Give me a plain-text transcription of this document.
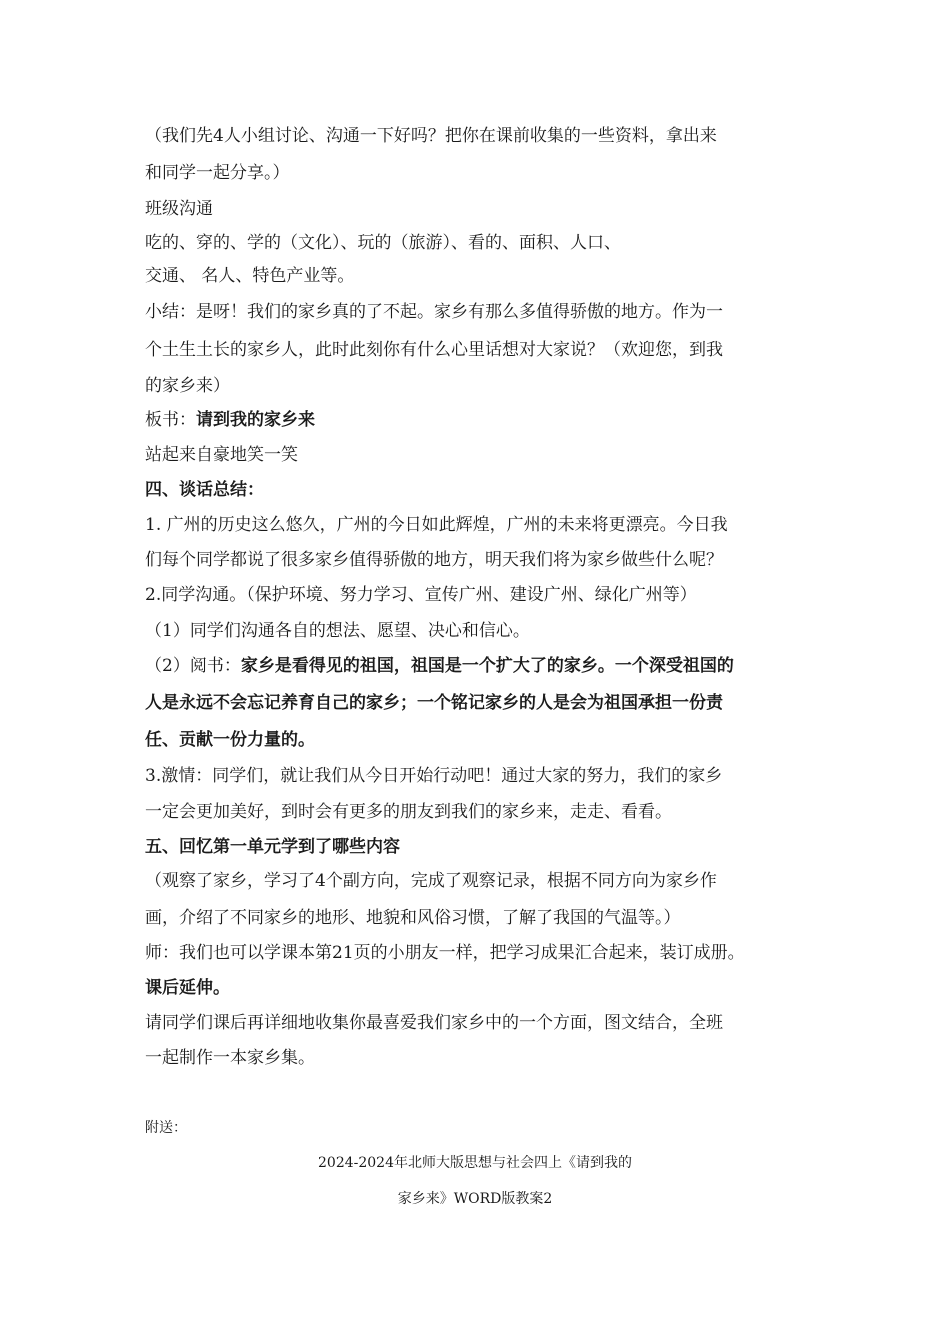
（我们先4人小组讨论、沟通一下好吗？把你在课前收集的一些资料，拿出来
和同学一起分享。）
班级沟通
吃的、穿的、学的（文化）、玩的（旅游）、看的、面积、人口、
交通、 名人、特色产业等。
小结：是呀！我们的家乡真的了不起。家乡有那么多值得骄傲的地方。作为一
个土生土长的家乡人，此时此刻你有什么心里话想对大家说？（欢迎您，到我
的家乡来）
板书：请到我的家乡来
站起来自豪地笑一笑
四、谈话总结：
1. 广州的历史这么悠久，广州的今日如此辉煌，广州的未来将更漂亮。今日我
们每个同学都说了很多家乡值得骄傲的地方，明天我们将为家乡做些什么呢？
2.同学沟通。（保护环境、努力学习、宣传广州、建设广州、绿化广州等）
（1）同学们沟通各自的想法、愿望、决心和信心。
（2）阅书：家乡是看得见的祖国，祖国是一个扩大了的家乡。一个深受祖国的
人是永远不会忘记养育自己的家乡；一个铭记家乡的人是会为祖国承担一份责
任、贡献一份力量的。
3.激情：同学们，就让我们从今日开始行动吧！通过大家的努力，我们的家乡
一定会更加美好，到时会有更多的朋友到我们的家乡来，走走、看看。
五、回忆第一单元学到了哪些内容
（观察了家乡，学习了4个副方向，完成了观察记录，根据不同方向为家乡作
画，介绍了不同家乡的地形、地貌和风俗习惯，了解了我国的气温等。）
师：我们也可以学课本第21页的小朋友一样，把学习成果汇合起来，装订成册。
课后延伸。
请同学们课后再详细地收集你最喜爱我们家乡中的一个方面，图文结合，全班
一起制作一本家乡集。
附送：
2024-2024年北师大版思想与社会四上《请到我的
家乡来》WORD版教案2
